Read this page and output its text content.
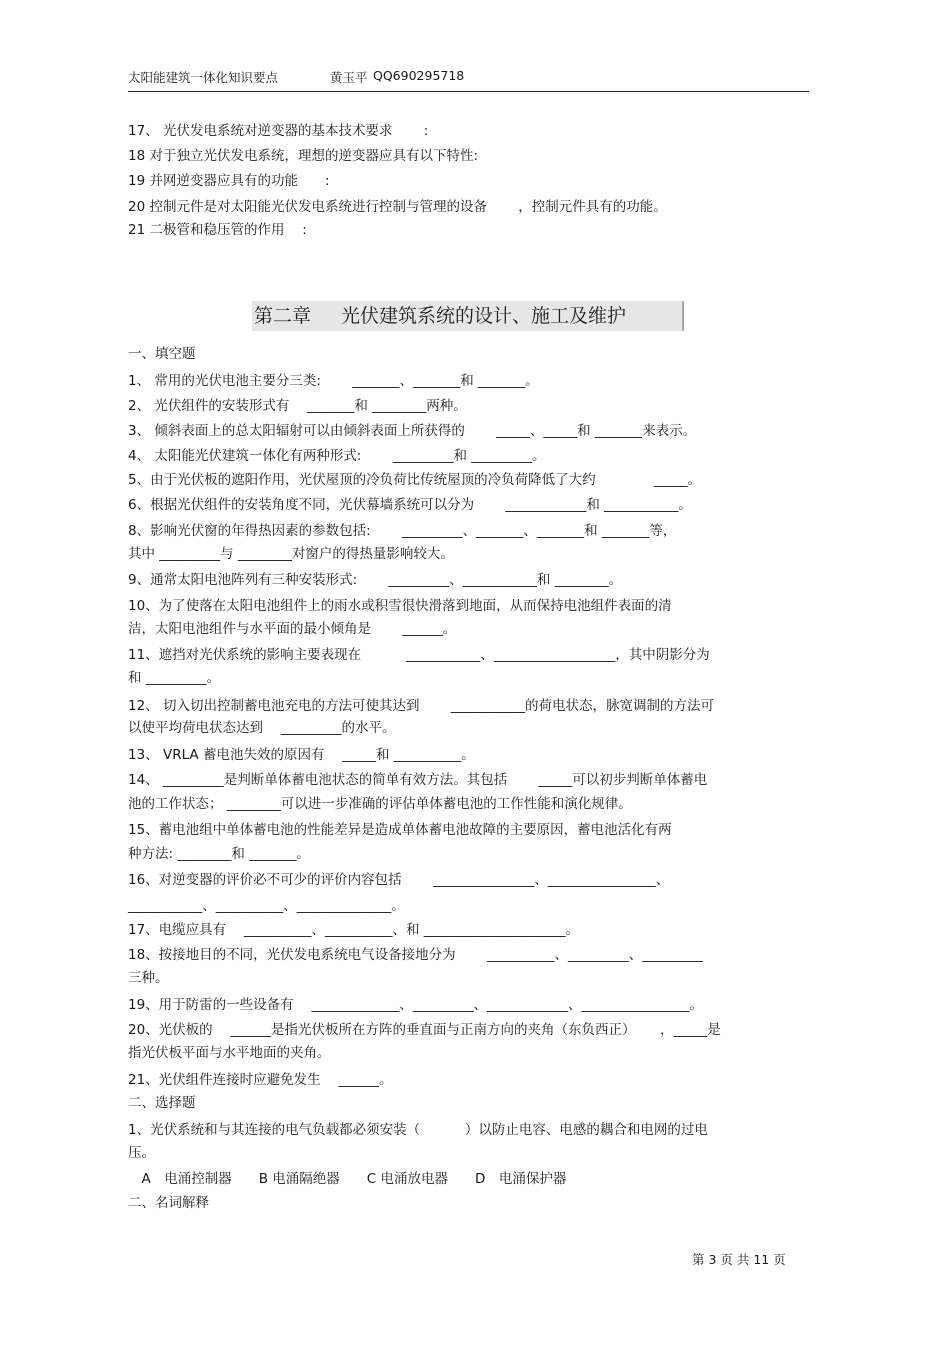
太阳能建筑一体化知识要点	黄玉平 QQ690295718
17、 光伏发电系统对逆变器的基本技术要求　　 :
18 对于独立光伏发电系统，理想的逆变器应具有以下特性:
19 并网逆变器应具有的功能　　:
20 控制元件是对太阳能光伏发电系统进行控制与管理的设备　　 ，控制元件具有的功能。
21 二极管和稳压管的作用　 :
第二章 光伏建筑系统的设计、施工及维护
一、填空题
1、 常用的光伏电池主要分三类:　　 _______、_______和 _______。
2、 光伏组件的安装形式有　 _______和 ________两种。
3、 倾斜表面上的总太阳辐射可以由倾斜表面上所获得的　　 _____、_____和 _______来表示。
4、 太阳能光伏建筑一体化有两种形式:　　 _________和 _________。
5、由于光伏板的遮阳作用，光伏屋顶的冷负荷比传统屋顶的冷负荷降低了大约　　　　 _____。
6、根据光伏组件的安装角度不同，光伏幕墙系统可以分为　　 ____________和 ___________。
8、影响光伏窗的年得热因素的参数包括:　　 _________、_______、_______和 _______等，
其中 _________与 ________对窗户的得热量影响较大。
9、通常太阳电池阵列有三种安装形式:　　 _________、___________和 ________。
10、为了使落在太阳电池组件上的雨水或积雪很快滑落到地面，从而保持电池组件表面的清
洁，太阳电池组件与水平面的最小倾角是　　 ______。
11、遮挡对光伏系统的影响主要表现在　　　 ___________、__________________，其中阴影分为
和 _________。
12、 切入切出控制蓄电池充电的方法可使其达到　　 ___________的荷电状态，脉宽调制的方法可
以使平均荷电状态达到　 _________的水平。
13、 VRLA 蓄电池失效的原因有　 _____和 __________。
14、 _________是判断单体蓄电池状态的简单有效方法。其包括　　 _____可以初步判断单体蓄电
池的工作状态； ________可以进一步准确的评估单体蓄电池的工作性能和演化规律。
15、蓄电池组中单体蓄电池的性能差异是造成单体蓄电池故障的主要原因，蓄电池活化有两
种方法: ________和 _______。
16、对逆变器的评价必不可少的评价内容包括　　 _______________、________________、
___________、__________、______________。
17、电缆应具有　 __________、__________、和 _____________________。
18、按接地目的不同，光伏发电系统电气设备接地分为　　 __________、_________、_________
三种。
19、用于防雷的一些设备有　 _____________、_________、____________、________________。
20、光伏板的　 ______是指光伏板所在方阵的垂直面与正南方向的夹角（东负西正）　　 ，_____是
指光伏板平面与水平地面的夹角。
21、光伏组件连接时应避免发生　 ______。
二、选择题
1、光伏系统和与其连接的电气负载都必须安装（　　　 ）以防止电容、电感的耦合和电网的过电
压。
　A　电涌控制器　　B 电涌隔绝器　　C 电涌放电器　　D　电涌保护器
二、名词解释
第 3 页 共 11 页
